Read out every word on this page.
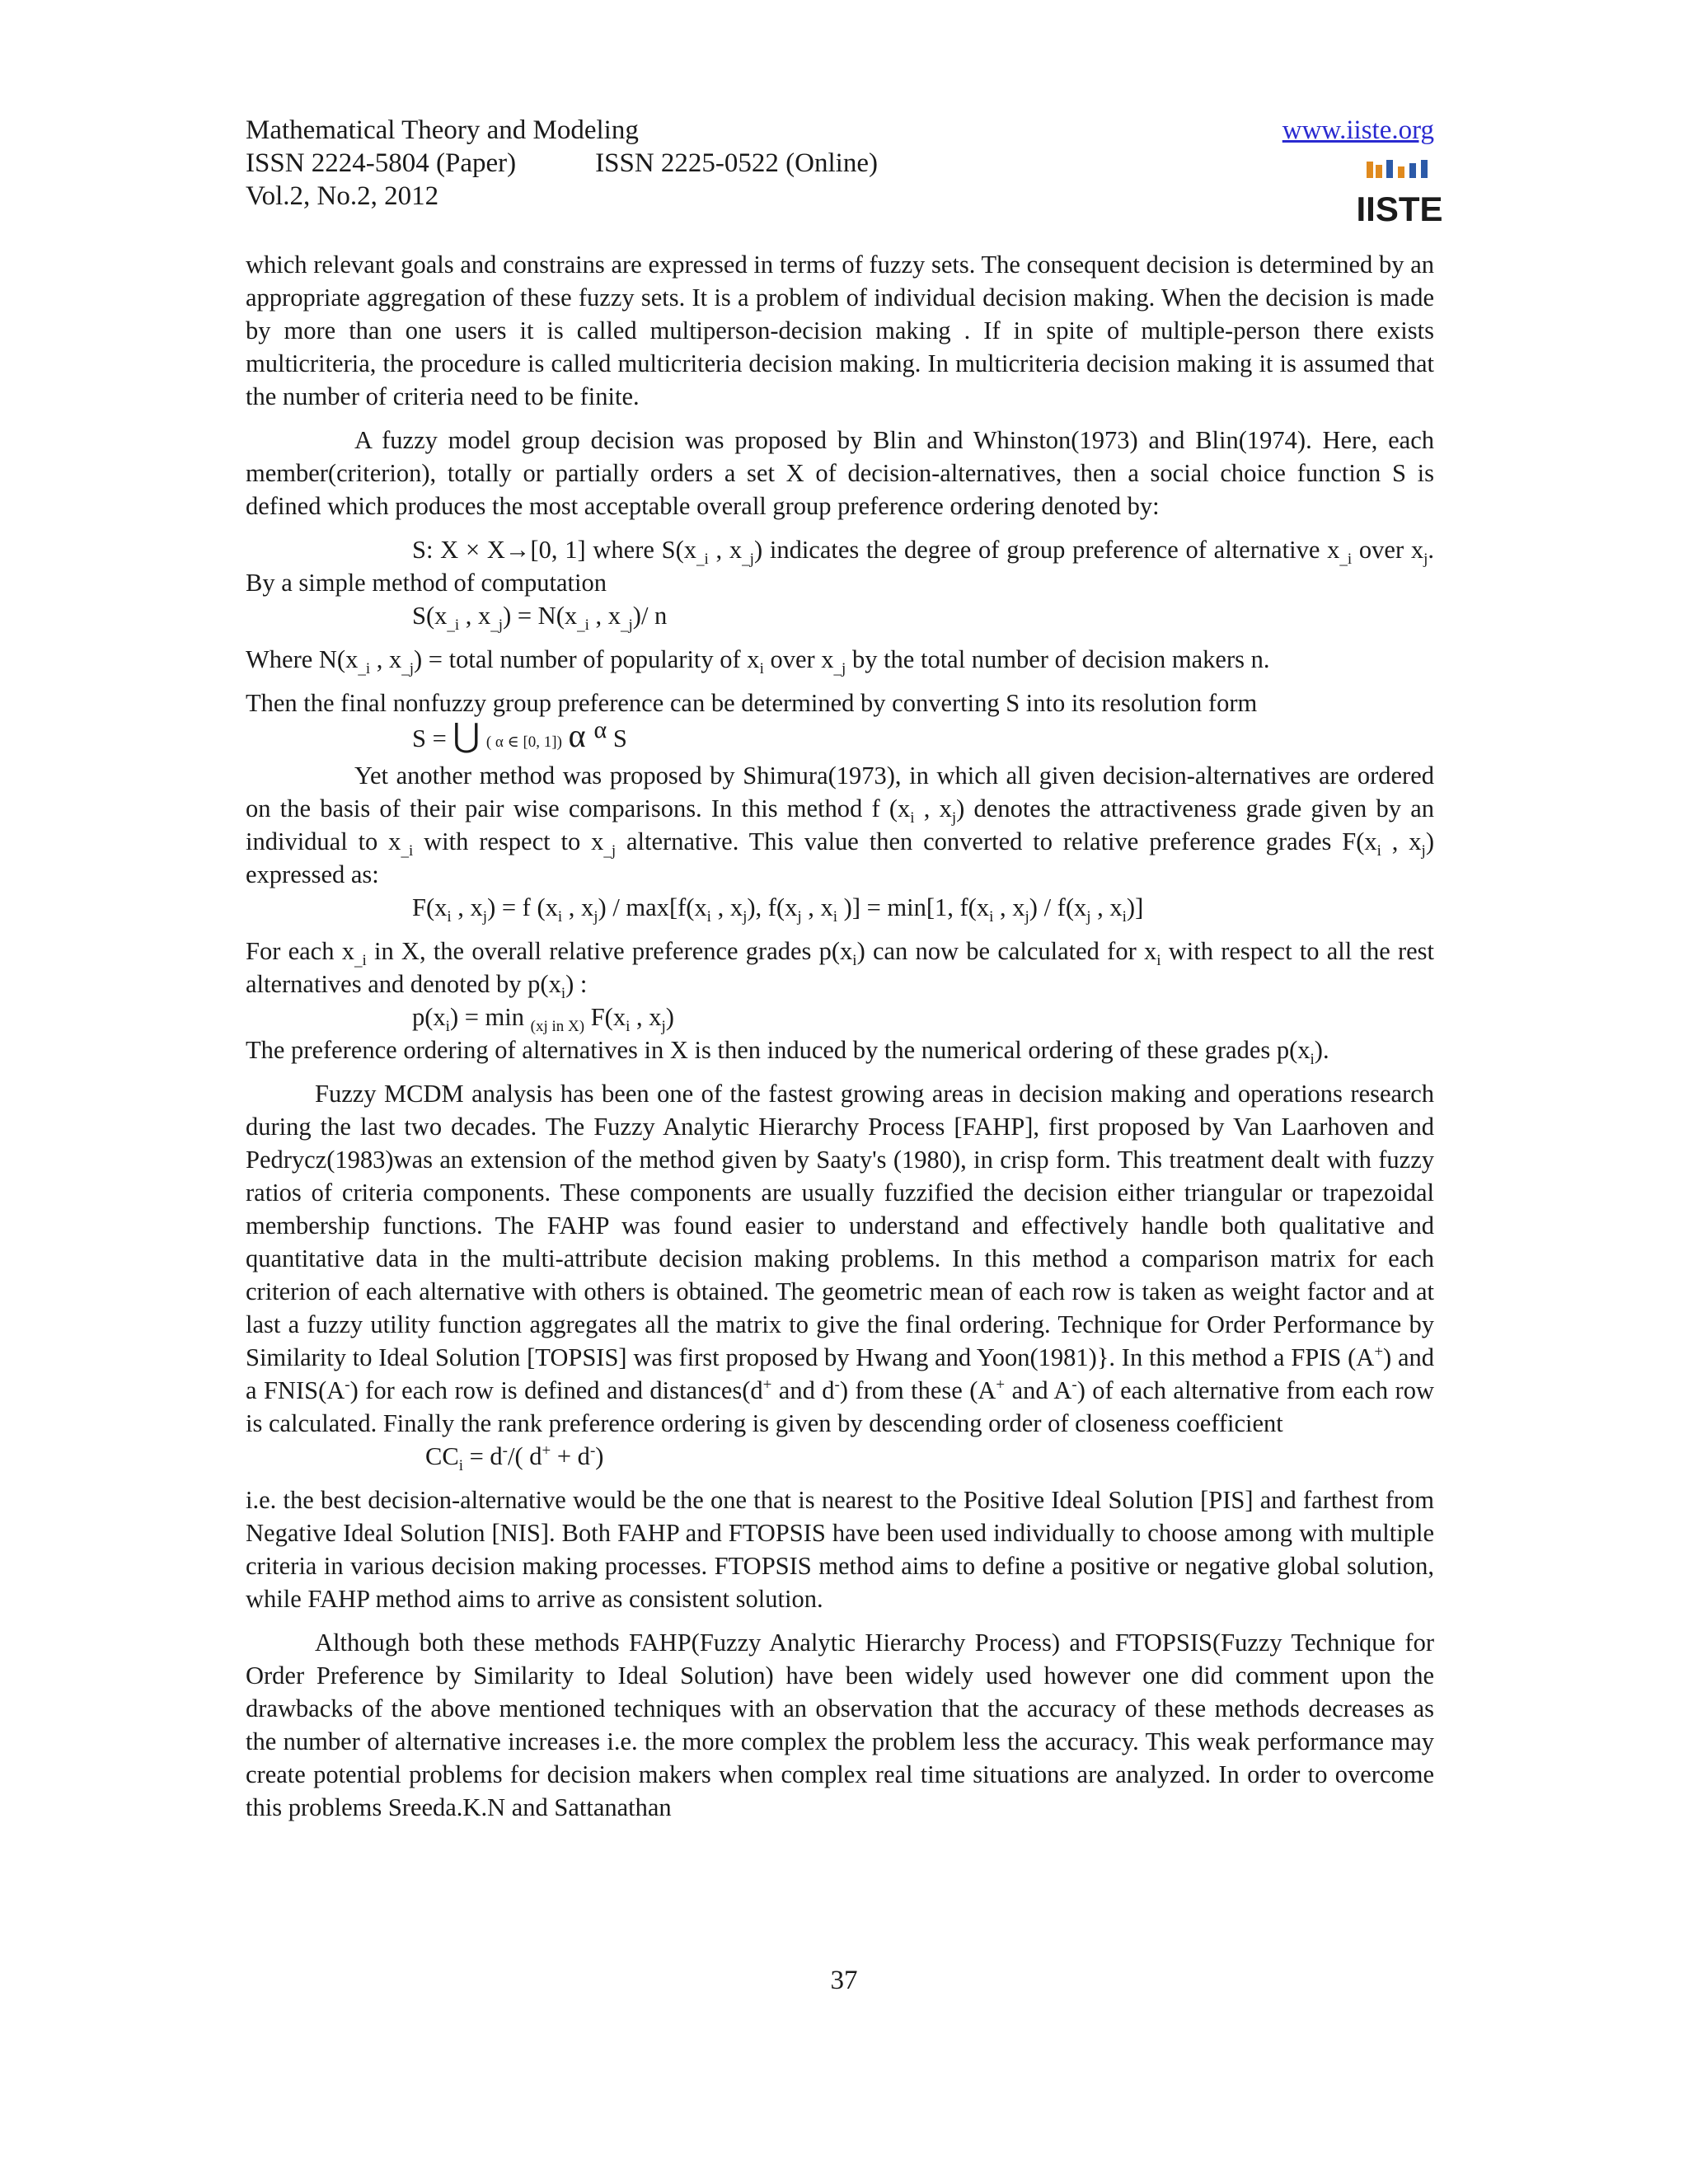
Mathematical Theory and Modeling	www.iiste.org
ISSN 2224-5804 (Paper)	ISSN 2225-0522 (Online)
Vol.2, No.2, 2012	IISTE

which relevant goals and constrains are expressed in terms of fuzzy sets. The consequent decision is determined by an appropriate aggregation of these fuzzy sets. It is a problem of individual decision making. When the decision is made by more than one users it is called multiperson-decision making . If in spite of multiple-person there exists multicriteria, the procedure is called multicriteria decision making. In multicriteria decision making it is assumed that the number of criteria need to be finite.

A fuzzy model group decision was proposed by Blin and Whinston(1973) and Blin(1974). Here, each member(criterion), totally or partially orders a set X of decision-alternatives, then a social choice function S is defined which produces the most acceptable overall group preference ordering denoted by:

S: X × X→[0, 1] where $S(x_{\_i}$ , $x_{\_j}$) indicates the degree of group preference of alternative $x_{\_i}$ over $x_j$. By a simple method of computation

$S(x_{\_i}$ , $x_{\_j}) = N(x_{\_i}$ , $x_{\_j})/$ n

Where $N(x_{\_i}$ , $x_{\_j}$) = total number of popularity of $x_i$ over $x_{\_j}$ by the total number of decision makers n.

Then the final nonfuzzy group preference can be determined by converting S into its resolution form

S = ⋃ ( α ∈ [0, 1]) α $^\alpha$ S

Yet another method was proposed by Shimura(1973), in which all given decision-alternatives are ordered on the basis of their pair wise comparisons. In this method f ($x_i$ , $x_j$) denotes the attractiveness grade given by an individual to $x_{\_i}$ with respect to $x_{\_j}$ alternative. This value then converted to relative preference grades $F(x_i$ , $x_j$) expressed as:

$F(x_i$ , $x_j) = f$ ($x_i$ , $x_j) / \max[f(x_i$ , $x_j$), $f(x_j$ , $x_i$ )] = min[1, $f(x_i$ , $x_j) / f(x_j$ , $x_i$)]

For each $x_{\_i}$ in X, the overall relative preference grades $p(x_i)$ can now be calculated for $x_i$ with respect to all the rest alternatives and denoted by $p(x_i)$ :

$p(x_i) = \min _{(xj in X)}$ $F(x_i$ , $x_j$)

The preference ordering of alternatives in X is then induced by the numerical ordering of these grades $p(x_i)$.

Fuzzy MCDM analysis has been one of the fastest growing areas in decision making and operations research during the last two decades. The Fuzzy Analytic Hierarchy Process [FAHP], first proposed by Van Laarhoven and Pedrycz(1983)was an extension of the method given by Saaty's (1980), in crisp form. This treatment dealt with fuzzy ratios of criteria components. These components are usually fuzzified the decision either triangular or trapezoidal membership functions. The FAHP was found easier to understand and effectively handle both qualitative and quantitative data in the multi-attribute decision making problems. In this method a comparison matrix for each criterion of each alternative with others is obtained. The geometric mean of each row is taken as weight factor and at last a fuzzy utility function aggregates all the matrix to give the final ordering. Technique for Order Performance by Similarity to Ideal Solution [TOPSIS] was first proposed by Hwang and Yoon(1981)}. In this method a FPIS (A+) and a FNIS(A-) for each row is defined and distances(d+ and d-) from these (A+ and A-) of each alternative from each row is calculated. Finally the rank preference ordering is given by descending order of closeness coefficient

$CC_i = d^-/$( d+ + d-)

i.e. the best decision-alternative would be the one that is nearest to the Positive Ideal Solution [PIS] and farthest from Negative Ideal Solution [NIS]. Both FAHP and FTOPSIS have been used individually to choose among with multiple criteria in various decision making processes. FTOPSIS method aims to define a positive or negative global solution, while FAHP method aims to arrive as consistent solution.

Although both these methods FAHP(Fuzzy Analytic Hierarchy Process) and FTOPSIS(Fuzzy Technique for Order Preference by Similarity to Ideal Solution) have been widely used however one did comment upon the drawbacks of the above mentioned techniques with an observation that the accuracy of these methods decreases as the number of alternative increases i.e. the more complex the problem less the accuracy. This weak performance may create potential problems for decision makers when complex real time situations are analyzed. In order to overcome this problems Sreeda.K.N and Sattanathan

37
